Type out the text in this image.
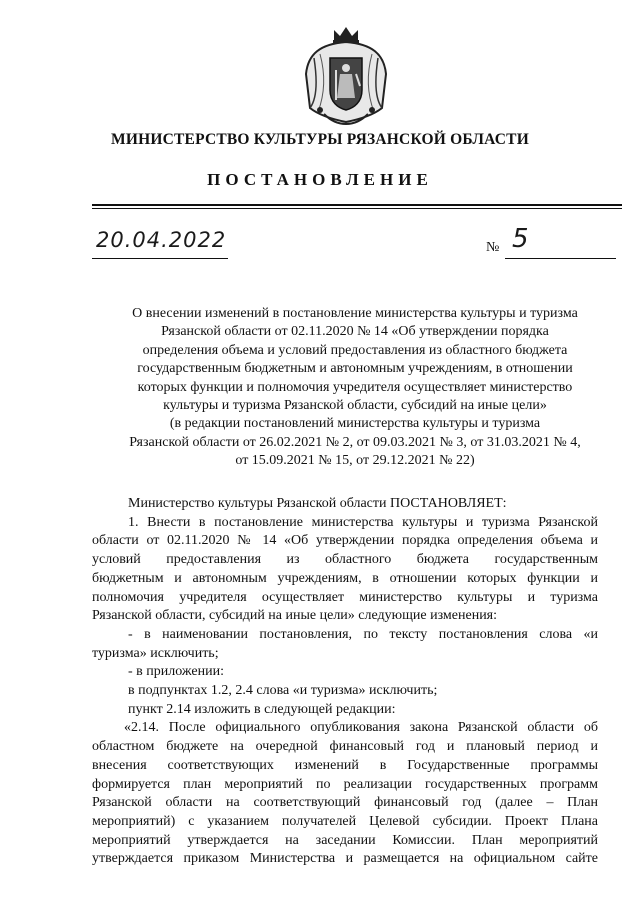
МИНИСТЕРСТВО КУЛЬТУРЫ РЯЗАНСКОЙ ОБЛАСТИ
ПОСТАНОВЛЕНИЕ
20.04.2022	№ 5
О внесении изменений в постановление министерства культуры и туризма
Рязанской области от 02.11.2020 № 14 «Об утверждении порядка
определения объема и условий предоставления из областного бюджета
государственным бюджетным и автономным учреждениям, в отношении
которых функции и полномочия учредителя осуществляет министерство
культуры и туризма Рязанской области, субсидий на иные цели»
(в редакции постановлений министерства культуры и туризма
Рязанской области от 26.02.2021 № 2, от 09.03.2021 № 3, от 31.03.2021 № 4,
от 15.09.2021 № 15, от 29.12.2021 № 22)
Министерство культуры Рязанской области ПОСТАНОВЛЯЕТ:
1. Внести в постановление министерства культуры и туризма Рязанской
области от 02.11.2020 № 14 «Об утверждении порядка определения объема и
условий предоставления из областного бюджета государственным
бюджетным и автономным учреждениям, в отношении которых функции и
полномочия учредителя осуществляет министерство культуры и туризма
Рязанской области, субсидий на иные цели» следующие изменения:
- в наименовании постановления, по тексту постановления слова «и
туризма» исключить;
- в приложении:
в подпунктах 1.2, 2.4 слова «и туризма» исключить;
пункт 2.14 изложить в следующей редакции:
«2.14. После официального опубликования закона Рязанской области об
областном бюджете на очередной финансовый год и плановый период и
внесения соответствующих изменений в Государственные программы
формируется план мероприятий по реализации государственных программ
Рязанской области на соответствующий финансовый год (далее – План
мероприятий) с указанием получателей Целевой субсидии. Проект Плана
мероприятий утверждается на заседании Комиссии. План мероприятий
утверждается приказом Министерства и размещается на официальном сайте
